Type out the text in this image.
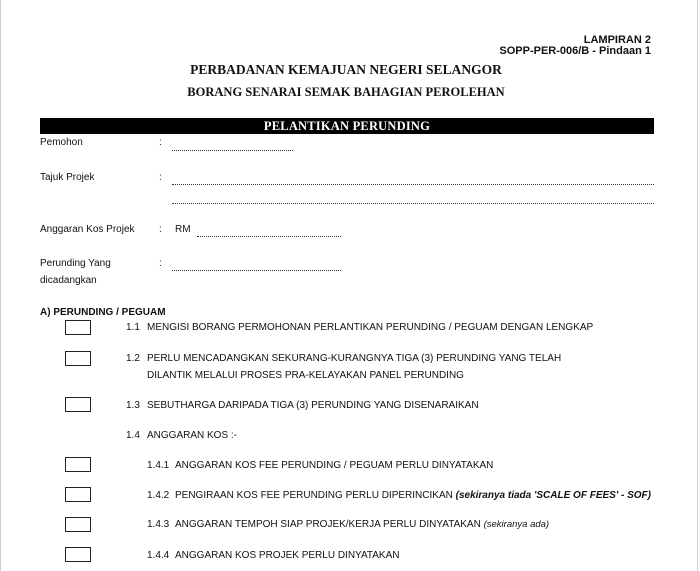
LAMPIRAN 2
SOPP-PER-006/B - Pindaan 1
PERBADANAN KEMAJUAN NEGERI SELANGOR
BORANG SENARAI SEMAK BAHAGIAN PEROLEHAN
PELANTIKAN PERUNDING
Pemohon	:
Tajuk Projek	:
Anggaran Kos Projek : RM
Perunding Yang
dicadangkan
:
A) PERUNDING / PEGUAM
1.1 MENGISI BORANG PERMOHONAN PERLANTIKAN PERUNDING / PEGUAM DENGAN LENGKAP
1.2 PERLU MENCADANGKAN SEKURANG-KURANGNYA TIGA (3) PERUNDING YANG TELAH
DILANTIK MELALUI PROSES PRA-KELAYAKAN PANEL PERUNDING
1.3 SEBUTHARGA DARIPADA TIGA (3) PERUNDING YANG DISENARAIKAN
1.4 ANGGARAN KOS :-
1.4.1 ANGGARAN KOS FEE PERUNDING / PEGUAM PERLU DINYATAKAN
1.4.2 PENGIRAAN KOS FEE PERUNDING PERLU DIPERINCIKAN (sekiranya tiada 'SCALE OF FEES' - SOF)
1.4.3 ANGGARAN TEMPOH SIAP PROJEK/KERJA PERLU DINYATAKAN (sekiranya ada)
1.4.4 ANGGARAN KOS PROJEK PERLU DINYATAKAN
